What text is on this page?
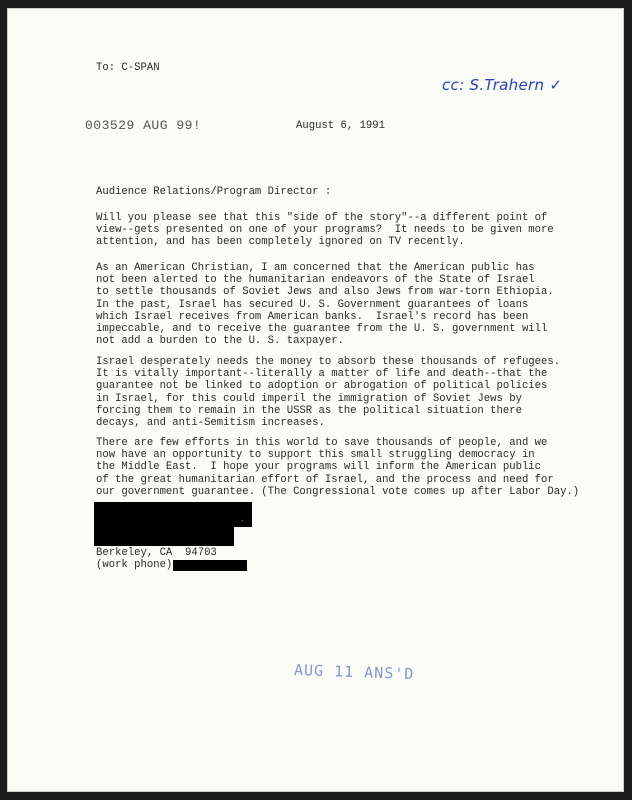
To: C-SPAN
cc: S.Trahern ✓
003529 AUG 99!	August 6, 1991
Audience Relations/Program Director :
Will you please see that this "side of the story"--a different point of
view--gets presented on one of your programs?  It needs to be given more
attention, and has been completely ignored on TV recently.
As an American Christian, I am concerned that the American public has
not been alerted to the humanitarian endeavors of the State of Israel
to settle thousands of Soviet Jews and also Jews from war-torn Ethiopia.
In the past, Israel has secured U. S. Government guarantees of loans
which Israel receives from American banks.  Israel's record has been
impeccable, and to receive the guarantee from the U. S. government will
not add a burden to the U. S. taxpayer.
Israel desperately needs the money to absorb these thousands of refugees.
It is vitally important--literally a matter of life and death--that the
guarantee not be linked to adoption or abrogation of political policies
in Israel, for this could imperil the immigration of Soviet Jews by
forcing them to remain in the USSR as the political situation there
decays, and anti-Semitism increases.
There are few efforts in this world to save thousands of people, and we
now have an opportunity to support this small struggling democracy in
the Middle East.  I hope your programs will inform the American public
of the great humanitarian effort of Israel, and the process and need for
our government guarantee. (The Congressional vote comes up after Labor Day.)
˚
Berkeley, CA  94703
(work phone)
AUG 11 ANS'D
